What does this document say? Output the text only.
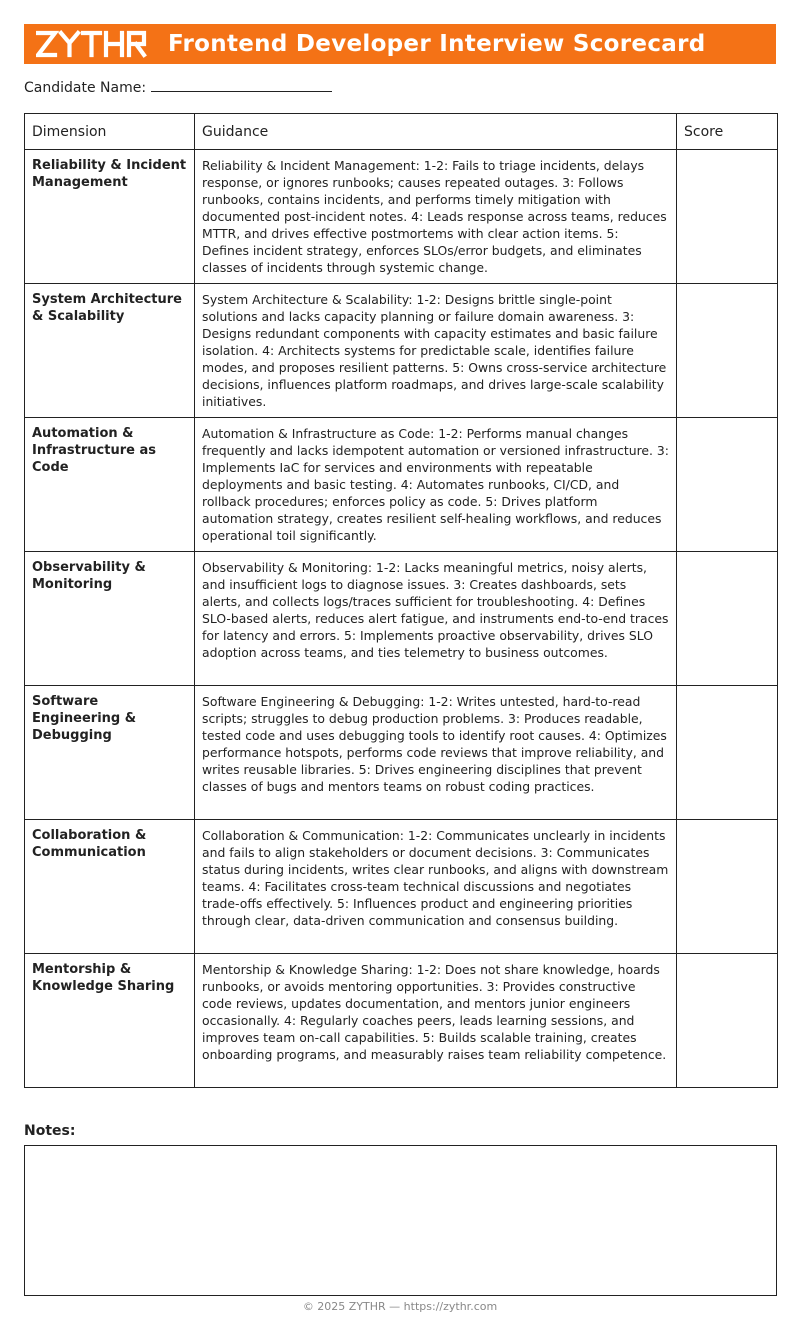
Frontend Developer Interview Scorecard
Candidate Name:
Dimension	Guidance	Score
Reliability & Incident Management	Reliability & Incident Management: 1-2: Fails to triage incidents, delays response, or ignores runbooks; causes repeated outages. 3: Follows runbooks, contains incidents, and performs timely mitigation with documented post-incident notes. 4: Leads response across teams, reduces MTTR, and drives effective postmortems with clear action items. 5: Defines incident strategy, enforces SLOs/error budgets, and eliminates classes of incidents through systemic change.	
System Architecture & Scalability	System Architecture & Scalability: 1-2: Designs brittle single-point solutions and lacks capacity planning or failure domain awareness. 3: Designs redundant components with capacity estimates and basic failure isolation. 4: Architects systems for predictable scale, identifies failure modes, and proposes resilient patterns. 5: Owns cross-service architecture decisions, influences platform roadmaps, and drives large-scale scalability initiatives.	
Automation & Infrastructure as Code	Automation & Infrastructure as Code: 1-2: Performs manual changes frequently and lacks idempotent automation or versioned infrastructure. 3: Implements IaC for services and environments with repeatable deployments and basic testing. 4: Automates runbooks, CI/CD, and rollback procedures; enforces policy as code. 5: Drives platform automation strategy, creates resilient self-healing workflows, and reduces operational toil significantly.	
Observability & Monitoring	Observability & Monitoring: 1-2: Lacks meaningful metrics, noisy alerts, and insufficient logs to diagnose issues. 3: Creates dashboards, sets alerts, and collects logs/traces sufficient for troubleshooting. 4: Defines SLO-based alerts, reduces alert fatigue, and instruments end-to-end traces for latency and errors. 5: Implements proactive observability, drives SLO adoption across teams, and ties telemetry to business outcomes.	
Software Engineering & Debugging	Software Engineering & Debugging: 1-2: Writes untested, hard-to-read scripts; struggles to debug production problems. 3: Produces readable, tested code and uses debugging tools to identify root causes. 4: Optimizes performance hotspots, performs code reviews that improve reliability, and writes reusable libraries. 5: Drives engineering disciplines that prevent classes of bugs and mentors teams on robust coding practices.	
Collaboration & Communication	Collaboration & Communication: 1-2: Communicates unclearly in incidents and fails to align stakeholders or document decisions. 3: Communicates status during incidents, writes clear runbooks, and aligns with downstream teams. 4: Facilitates cross-team technical discussions and negotiates trade-offs effectively. 5: Influences product and engineering priorities through clear, data-driven communication and consensus building.	
Mentorship & Knowledge Sharing	Mentorship & Knowledge Sharing: 1-2: Does not share knowledge, hoards runbooks, or avoids mentoring opportunities. 3: Provides constructive code reviews, updates documentation, and mentors junior engineers occasionally. 4: Regularly coaches peers, leads learning sessions, and improves team on-call capabilities. 5: Builds scalable training, creates onboarding programs, and measurably raises team reliability competence.	
Notes:
© 2025 ZYTHR — https://zythr.com
